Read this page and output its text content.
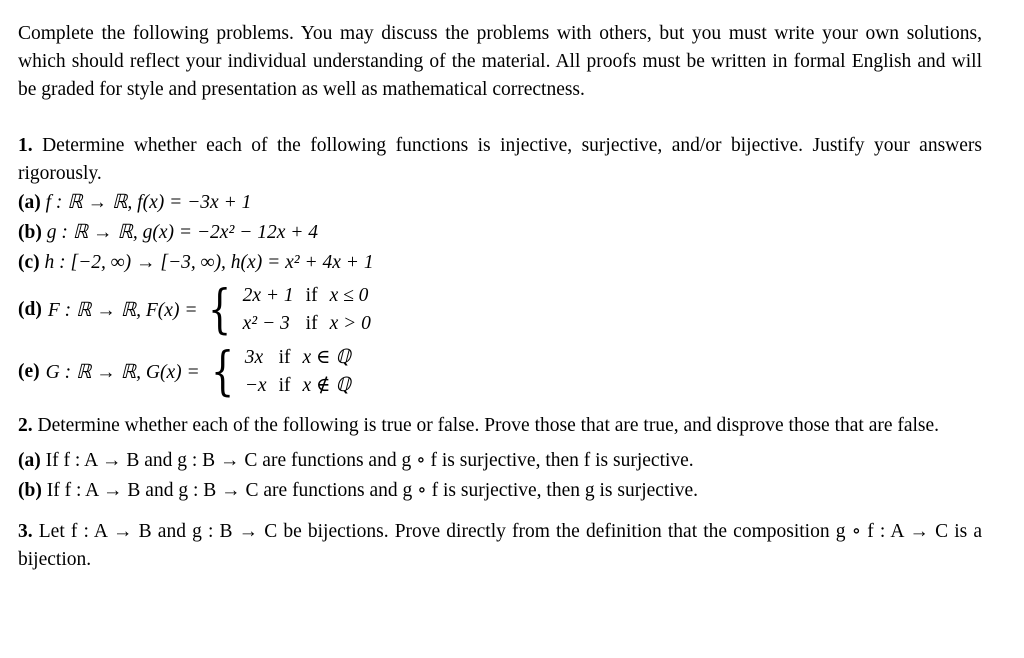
Complete the following problems. You may discuss the problems with others, but you must write your own solutions, which should reflect your individual understanding of the material. All proofs must be written in formal English and will be graded for style and presentation as well as mathematical correctness.

1. Determine whether each of the following functions is injective, surjective, and/or bijective. Justify your answers rigorously.

(a) f : ℝ → ℝ, f(x) = −3x + 1
(b) g : ℝ → ℝ, g(x) = −2x² − 12x + 4
(c) h : [−2, ∞) → [−3, ∞), h(x) = x² + 4x + 1
(d) F : ℝ → ℝ, F(x) = { 2x + 1 if x ≤ 0
x² − 3 if x > 0
(e) G : ℝ → ℝ, G(x) = { 3x if x ∈ ℚ
−x if x ∉ ℚ

2. Determine whether each of the following is true or false. Prove those that are true, and disprove those that are false.

(a) If f : A → B and g : B → C are functions and g ∘ f is surjective, then f is surjective.
(b) If f : A → B and g : B → C are functions and g ∘ f is surjective, then g is surjective.

3. Let f : A → B and g : B → C be bijections. Prove directly from the definition that the composition g ∘ f : A → C is a bijection.
